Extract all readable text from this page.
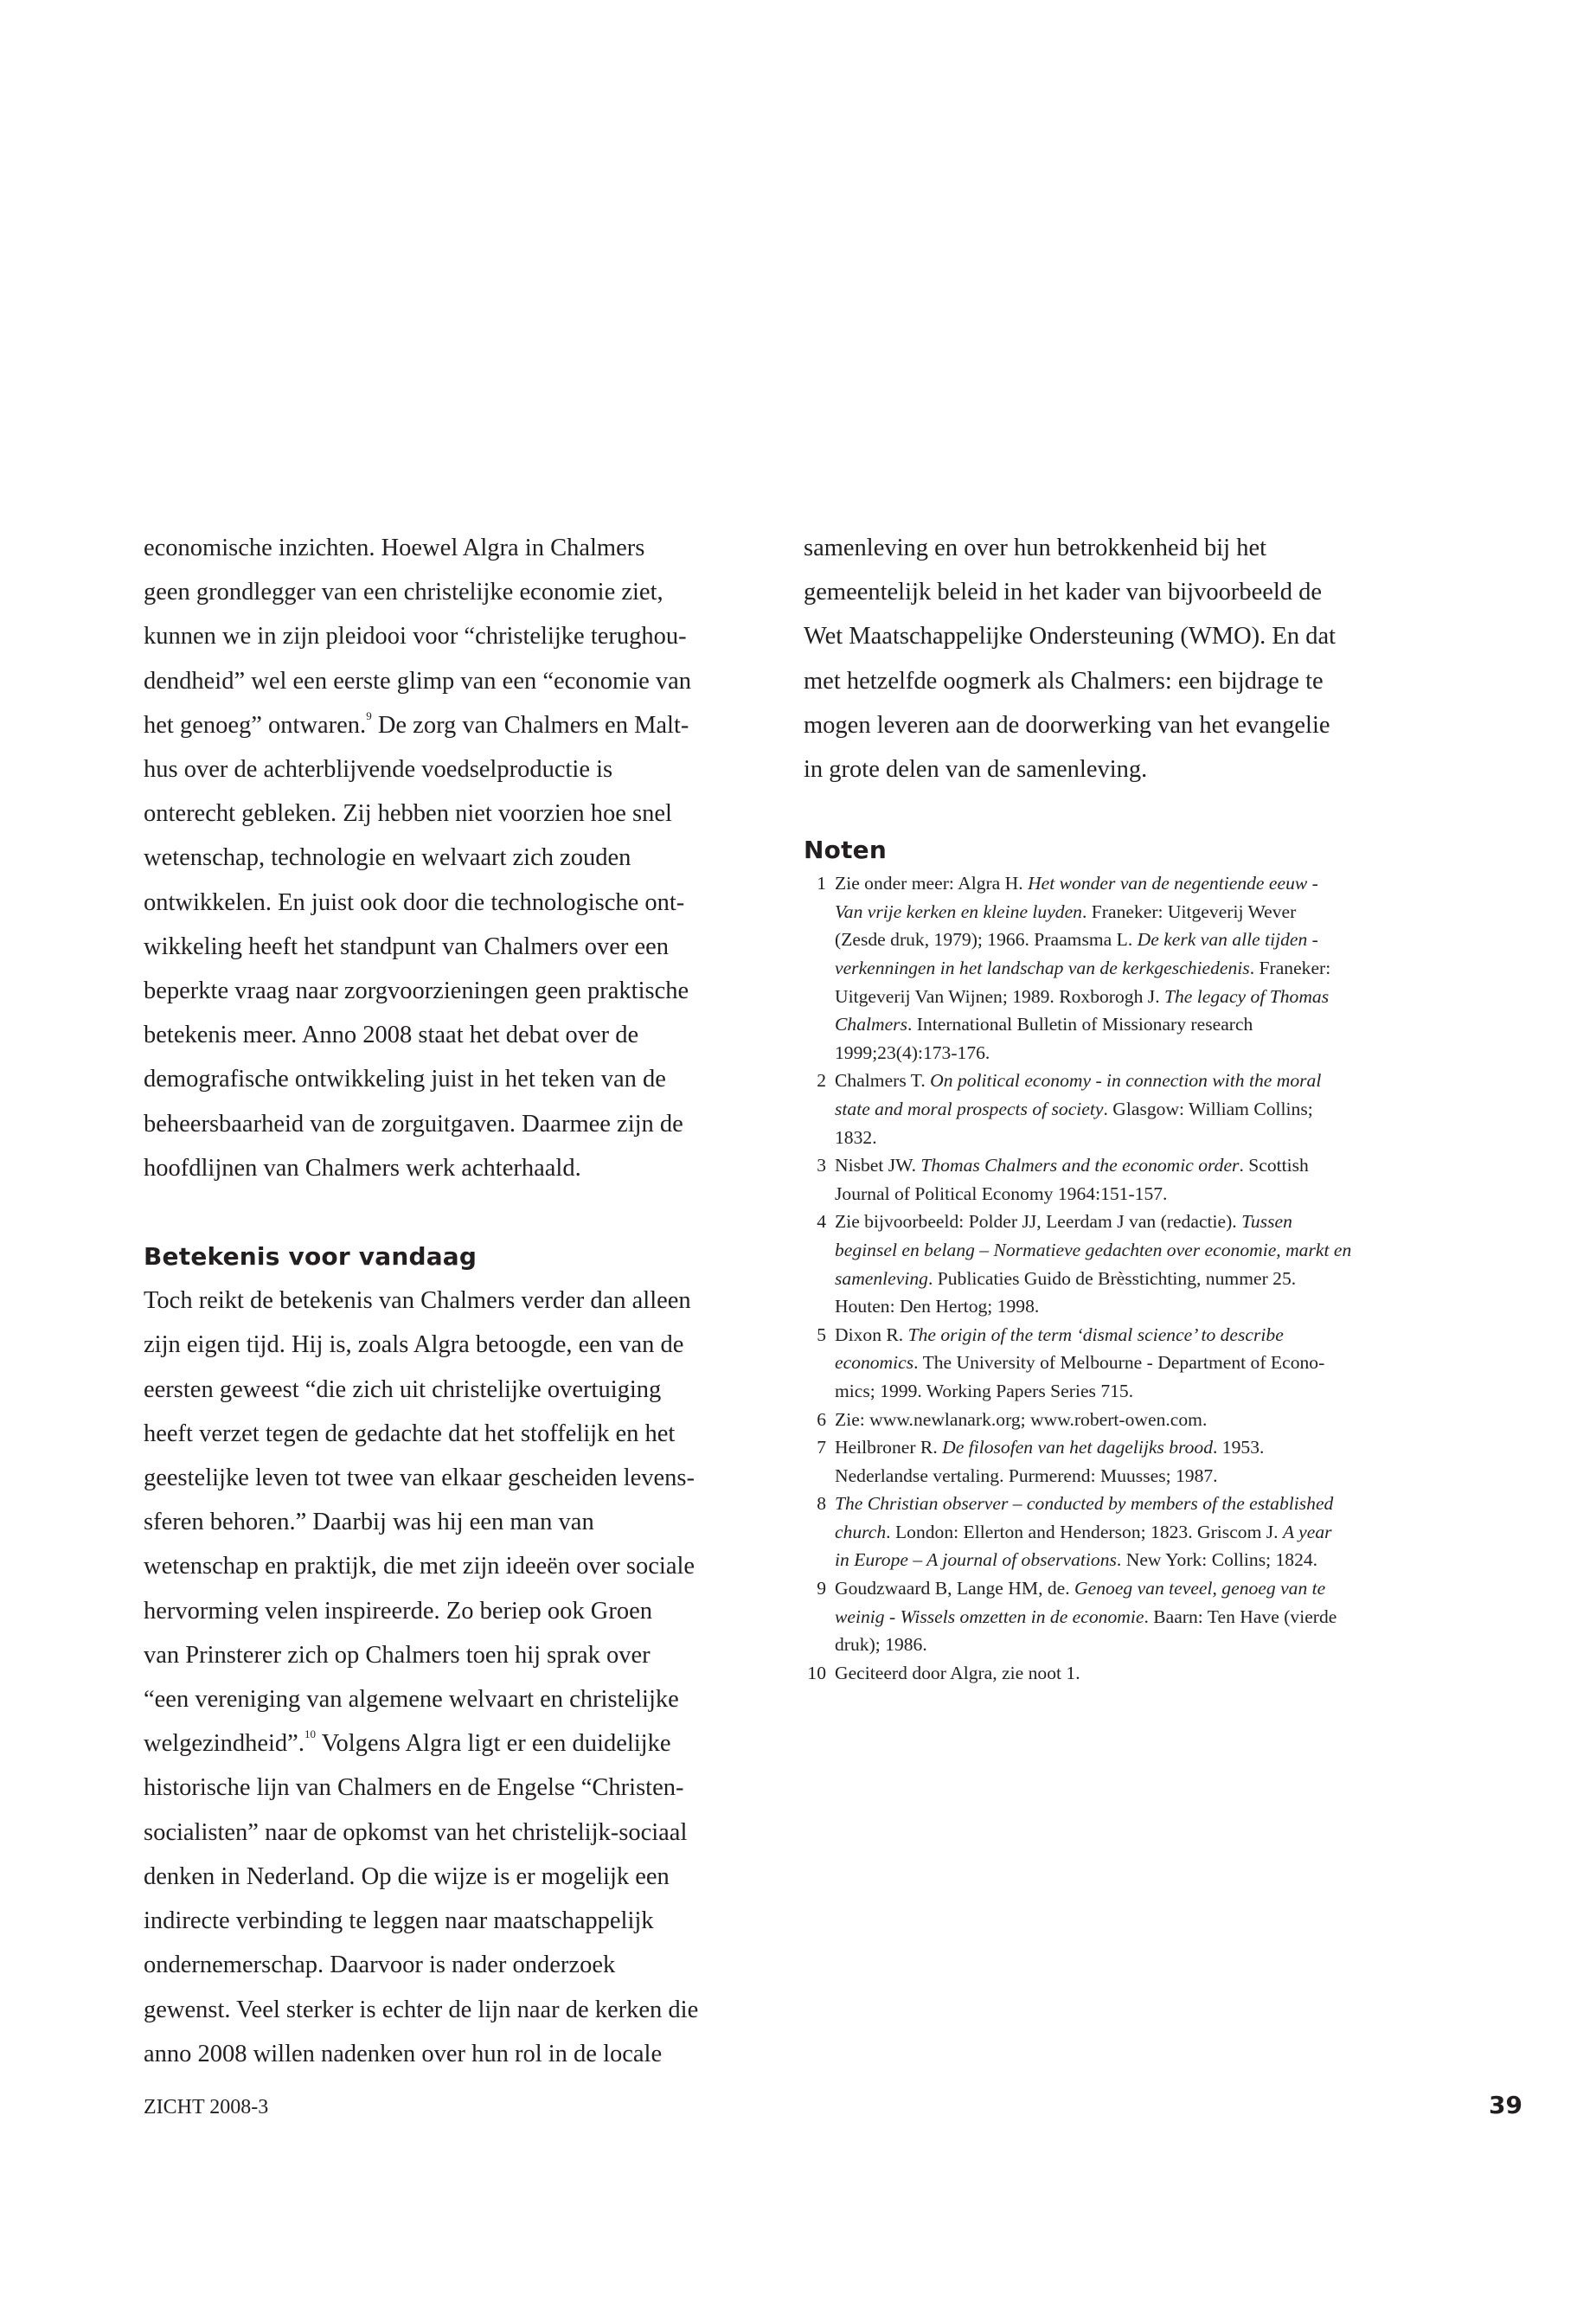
economische inzichten. Hoewel Algra in Chalmers
geen grondlegger van een christelijke economie ziet,
kunnen we in zijn pleidooi voor “christelijke terughou-
dendheid” wel een eerste glimp van een “economie van
het genoeg” ontwaren.$^9$ De zorg van Chalmers en Malt-
hus over de achterblijvende voedselproductie is
onterecht gebleken. Zij hebben niet voorzien hoe snel
wetenschap, technologie en welvaart zich zouden
ontwikkelen. En juist ook door die technologische ont-
wikkeling heeft het standpunt van Chalmers over een
beperkte vraag naar zorgvoorzieningen geen praktische
betekenis meer. Anno 2008 staat het debat over de
demografische ontwikkeling juist in het teken van de
beheersbaarheid van de zorguitgaven. Daarmee zijn de
hoofdlijnen van Chalmers werk achterhaald.
Betekenis voor vandaag
Toch reikt de betekenis van Chalmers verder dan alleen
zijn eigen tijd. Hij is, zoals Algra betoogde, een van de
eersten geweest “die zich uit christelijke overtuiging
heeft verzet tegen de gedachte dat het stoffelijk en het
geestelijke leven tot twee van elkaar gescheiden levens-
sferen behoren.” Daarbij was hij een man van
wetenschap en praktijk, die met zijn ideeën over sociale
hervorming velen inspireerde. Zo beriep ook Groen
van Prinsterer zich op Chalmers toen hij sprak over
“een vereniging van algemene welvaart en christelijke
welgezindheid”.$^{10}$ Volgens Algra ligt er een duidelijke
historische lijn van Chalmers en de Engelse “Christen-
socialisten” naar de opkomst van het christelijk-sociaal
denken in Nederland. Op die wijze is er mogelijk een
indirecte verbinding te leggen naar maatschappelijk
ondernemerschap. Daarvoor is nader onderzoek
gewenst. Veel sterker is echter de lijn naar de kerken die
anno 2008 willen nadenken over hun rol in de locale
samenleving en over hun betrokkenheid bij het
gemeentelijk beleid in het kader van bijvoorbeeld de
Wet Maatschappelijke Ondersteuning (WMO). En dat
met hetzelfde oogmerk als Chalmers: een bijdrage te
mogen leveren aan de doorwerking van het evangelie
in grote delen van de samenleving.
Noten
1 Zie onder meer: Algra H. Het wonder van de negentiende eeuw -
Van vrije kerken en kleine luyden. Franeker: Uitgeverij Wever
(Zesde druk, 1979); 1966. Praamsma L. De kerk van alle tijden -
verkenningen in het landschap van de kerkgeschiedenis. Franeker:
Uitgeverij Van Wijnen; 1989. Roxborogh J. The legacy of Thomas
Chalmers. International Bulletin of Missionary research
1999;23(4):173-176.
2 Chalmers T. On political economy - in connection with the moral
state and moral prospects of society. Glasgow: William Collins;
1832.
3 Nisbet JW. Thomas Chalmers and the economic order. Scottish
Journal of Political Economy 1964:151-157.
4 Zie bijvoorbeeld: Polder JJ, Leerdam J van (redactie). Tussen
beginsel en belang – Normatieve gedachten over economie, markt en
samenleving. Publicaties Guido de Brèsstichting, nummer 25.
Houten: Den Hertog; 1998.
5 Dixon R. The origin of the term ‘dismal science’ to describe
economics. The University of Melbourne - Department of Econo-
mics; 1999. Working Papers Series 715.
6 Zie: www.newlanark.org; www.robert-owen.com.
7 Heilbroner R. De filosofen van het dagelijks brood. 1953.
Nederlandse vertaling. Purmerend: Muusses; 1987.
8 The Christian observer – conducted by members of the established
church. London: Ellerton and Henderson; 1823. Griscom J. A year
in Europe – A journal of observations. New York: Collins; 1824.
9 Goudzwaard B, Lange HM, de. Genoeg van teveel, genoeg van te
weinig - Wissels omzetten in de economie. Baarn: Ten Have (vierde
druk); 1986.
10 Geciteerd door Algra, zie noot 1.
ZICHT 2008-3	39
